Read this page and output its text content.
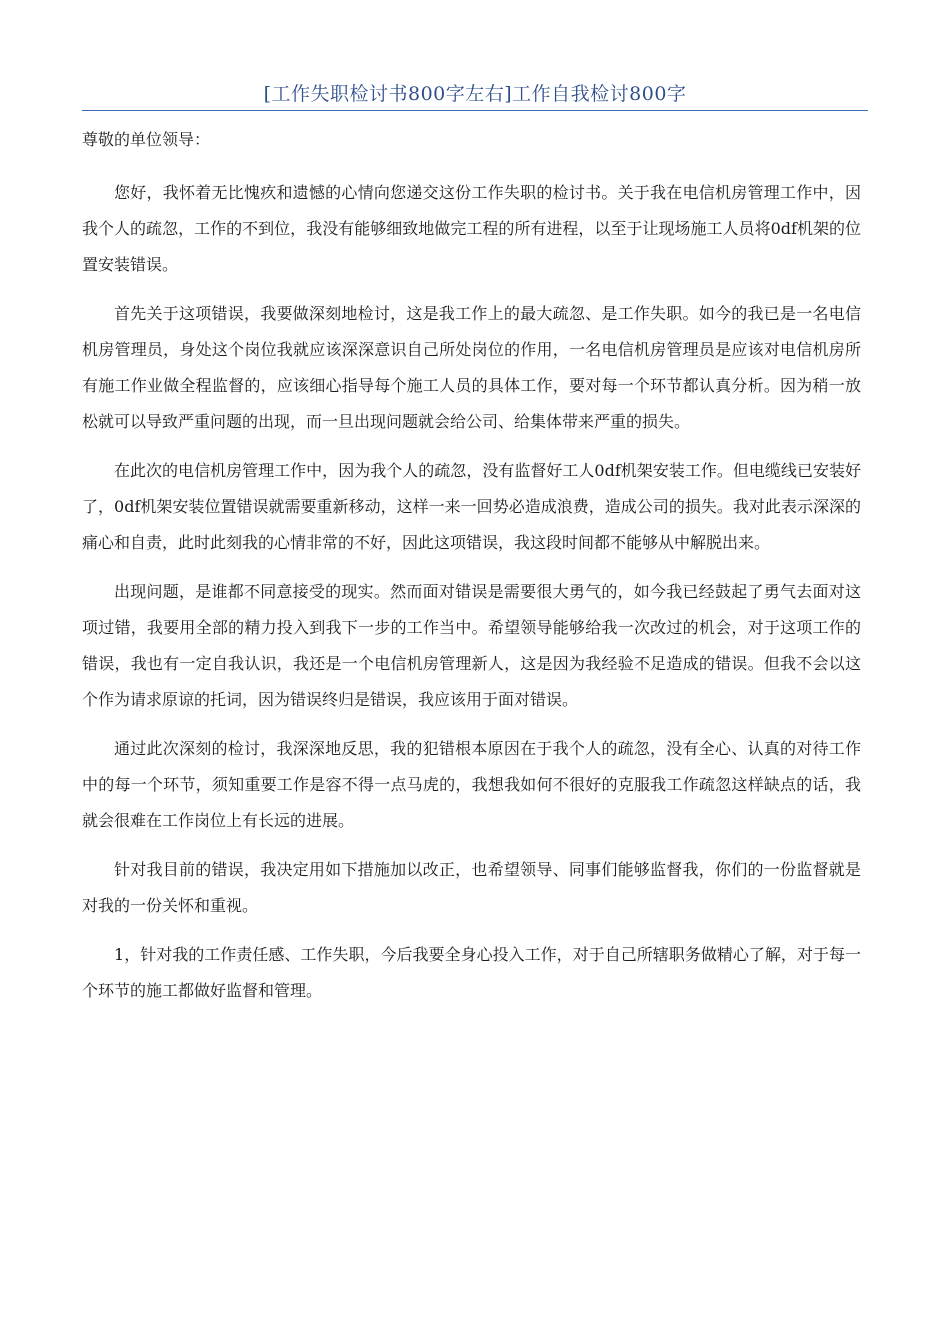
[工作失职检讨书800字左右]工作自我检讨800字

尊敬的单位领导：

您好，我怀着无比愧疚和遗憾的心情向您递交这份工作失职的检讨书。关于我在电信机房管理工作中，因我个人的疏忽，工作的不到位，我没有能够细致地做完工程的所有进程，以至于让现场施工人员将0df机架的位置安装错误。

首先关于这项错误，我要做深刻地检讨，这是我工作上的最大疏忽、是工作失职。如今的我已是一名电信机房管理员，身处这个岗位我就应该深深意识自己所处岗位的作用，一名电信机房管理员是应该对电信机房所有施工作业做全程监督的，应该细心指导每个施工人员的具体工作，要对每一个环节都认真分析。因为稍一放松就可以导致严重问题的出现，而一旦出现问题就会给公司、给集体带来严重的损失。

在此次的电信机房管理工作中，因为我个人的疏忽，没有监督好工人0df机架安装工作。但电缆线已安装好了，0df机架安装位置错误就需要重新移动，这样一来一回势必造成浪费，造成公司的损失。我对此表示深深的痛心和自责，此时此刻我的心情非常的不好，因此这项错误，我这段时间都不能够从中解脱出来。

出现问题，是谁都不同意接受的现实。然而面对错误是需要很大勇气的，如今我已经鼓起了勇气去面对这项过错，我要用全部的精力投入到我下一步的工作当中。希望领导能够给我一次改过的机会，对于这项工作的错误，我也有一定自我认识，我还是一个电信机房管理新人，这是因为我经验不足造成的错误。但我不会以这个作为请求原谅的托词，因为错误终归是错误，我应该用于面对错误。

通过此次深刻的检讨，我深深地反思，我的犯错根本原因在于我个人的疏忽，没有全心、认真的对待工作中的每一个环节，须知重要工作是容不得一点马虎的，我想我如何不很好的克服我工作疏忽这样缺点的话，我就会很难在工作岗位上有长远的进展。

针对我目前的错误，我决定用如下措施加以改正，也希望领导、同事们能够监督我，你们的一份监督就是对我的一份关怀和重视。

1，针对我的工作责任感、工作失职，今后我要全身心投入工作，对于自己所辖职务做精心了解，对于每一个环节的施工都做好监督和管理。
